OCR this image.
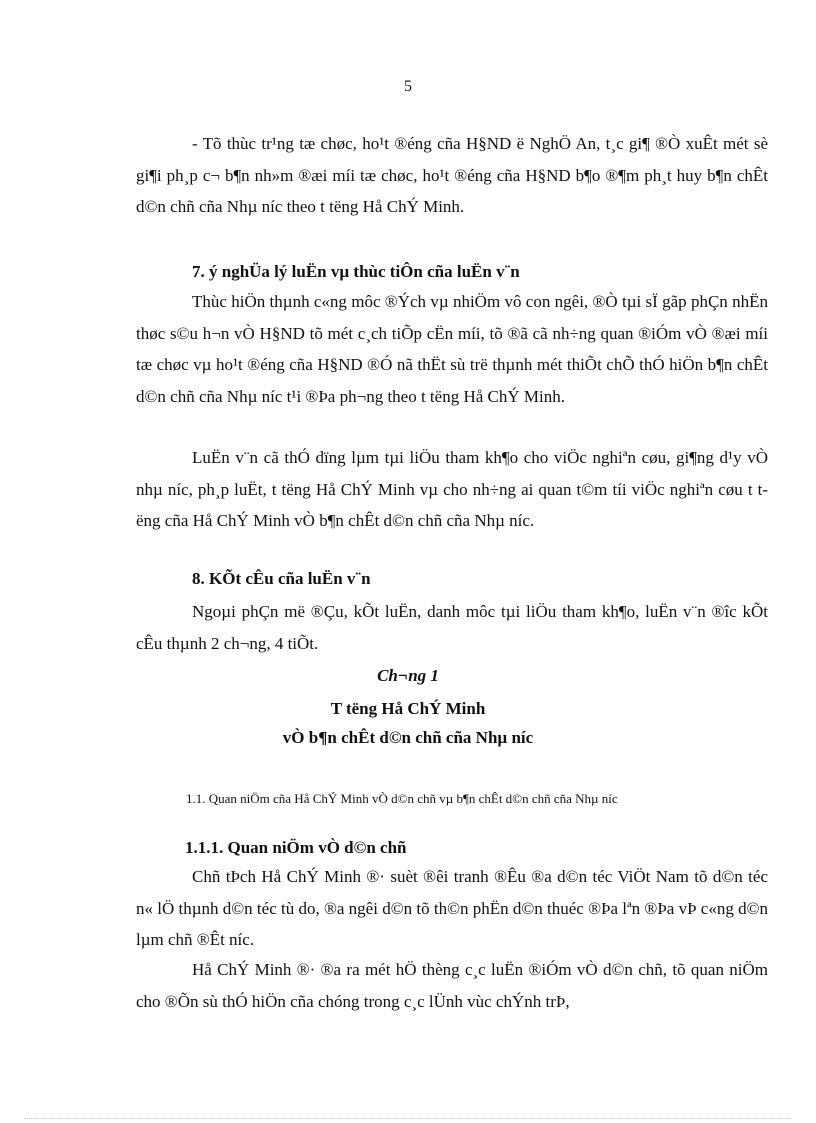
5

- Tõ thùc tr¹ng tæ chøc, ho¹t ®éng cña H§ND ë NghÖ An, t¸c gi¶ ®Ò xuÊt mét sè gi¶i ph¸p c¬ b¶n nh»m ®æi míi tæ chøc, ho¹t ®éng cña H§ND b¶o ®¶m ph¸t huy b¶n chÊt d©n chñ cña Nhµ níc theo t tëng Hå ChÝ Minh.

7. ý nghÜa lý luËn vµ thùc tiÔn cña luËn v¨n

Thùc hiÖn thµnh c«ng môc ®Ých vµ nhiÖm vô con ngêi, ®Ò tµi sÏ gãp phÇn nhËn thøc s©u h¬n vÒ H§ND tõ mét c¸ch tiÕp cËn míi, tõ ®ã cã nh÷ng quan ®iÓm vÒ ®æi míi tæ chøc vµ ho¹t ®éng cña H§ND ®Ó nã thËt sù trë thµnh mét thiÕt chÕ thÓ hiÖn b¶n chÊt d©n chñ cña Nhµ níc t¹i ®Þa ph¬ng theo t tëng Hå ChÝ Minh.

LuËn v¨n cã thÓ dïng lµm tµi liÖu tham kh¶o cho viÖc nghiªn cøu, gi¶ng d¹y vÒ nhµ níc, ph¸p luËt, t tëng Hå ChÝ Minh vµ cho nh÷ng ai quan t©m tíi viÖc nghiªn cøu t tëng cña Hå ChÝ Minh vÒ b¶n chÊt d©n chñ cña Nhµ níc.

8. KÕt cÊu cña luËn v¨n

Ngoµi phÇn më ®Çu, kÕt luËn, danh môc tµi liÖu tham kh¶o, luËn v¨n ®îc kÕt cÊu thµnh 2 ch¬ng, 4 tiÕt.

Ch¬ng 1

T tëng Hå ChÝ Minh

vÒ b¶n chÊt d©n chñ cña Nhµ níc

1.1. Quan niÖm cña Hå ChÝ Minh vÒ d©n chñ vµ b¶n chÊt d©n chñ cña Nhµ níc

1.1.1. Quan niÖm vÒ d©n chñ

Chñ tÞch Hå ChÝ Minh ®· suèt ®êi tranh ®Êu ®a d©n téc ViÖt Nam tõ d©n téc n« lÖ thµnh d©n téc tù do, ®a ngêi d©n tõ th©n phËn d©n thuéc ®Þa lªn ®Þa vÞ c«ng d©n lµm chñ ®Êt níc.

Hå ChÝ Minh ®· ®a ra mét hÖ thèng c¸c luËn ®iÓm vÒ d©n chñ, tõ quan niÖm cho ®Õn sù thÓ hiÖn cña chóng trong c¸c lÜnh vùc chÝnh trÞ,
